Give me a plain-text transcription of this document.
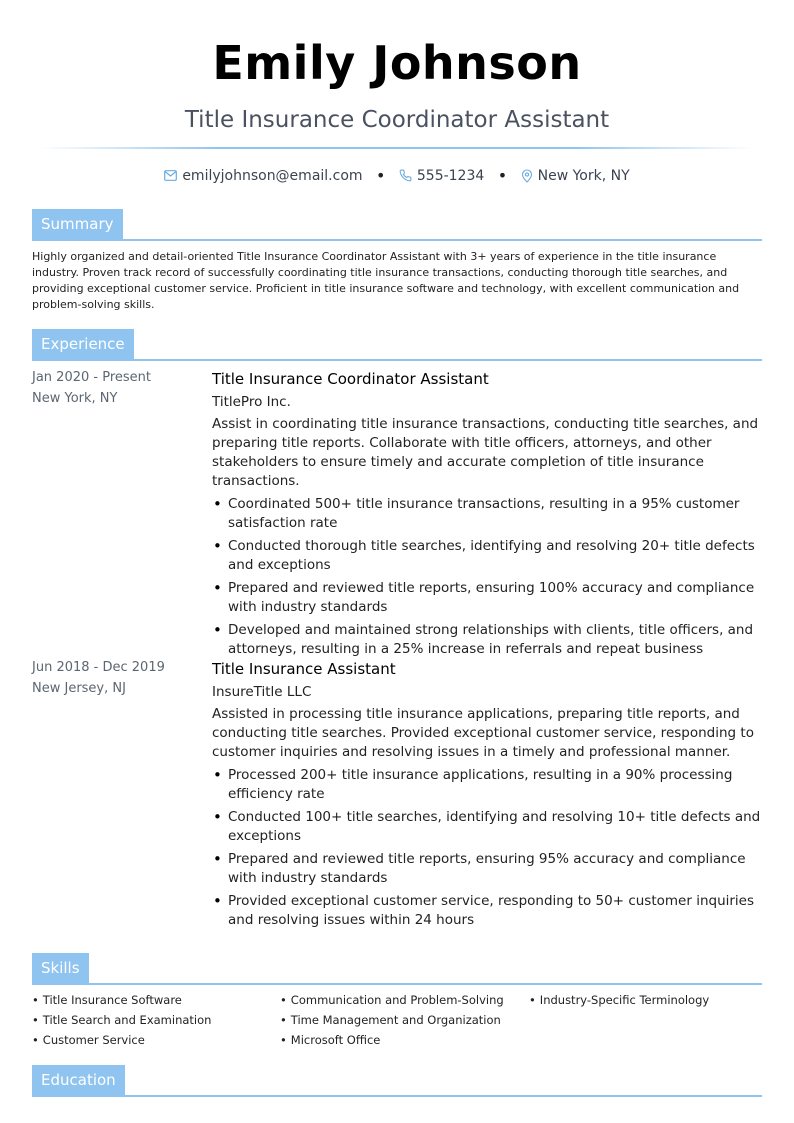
Emily Johnson
Title Insurance Coordinator Assistant
emilyjohnson@email.com • 555-1234 • New York, NY
Summary
Highly organized and detail-oriented Title Insurance Coordinator Assistant with 3+ years of experience in the title insurance industry. Proven track record of successfully coordinating title insurance transactions, conducting thorough title searches, and providing exceptional customer service. Proficient in title insurance software and technology, with excellent communication and problem-solving skills.
Experience
Jan 2020 - Present
New York, NY
Title Insurance Coordinator Assistant
TitlePro Inc.
Assist in coordinating title insurance transactions, conducting title searches, and preparing title reports. Collaborate with title officers, attorneys, and other stakeholders to ensure timely and accurate completion of title insurance transactions.
• Coordinated 500+ title insurance transactions, resulting in a 95% customer satisfaction rate
• Conducted thorough title searches, identifying and resolving 20+ title defects and exceptions
• Prepared and reviewed title reports, ensuring 100% accuracy and compliance with industry standards
• Developed and maintained strong relationships with clients, title officers, and attorneys, resulting in a 25% increase in referrals and repeat business
Jun 2018 - Dec 2019
New Jersey, NJ
Title Insurance Assistant
InsureTitle LLC
Assisted in processing title insurance applications, preparing title reports, and conducting title searches. Provided exceptional customer service, responding to customer inquiries and resolving issues in a timely and professional manner.
• Processed 200+ title insurance applications, resulting in a 90% processing efficiency rate
• Conducted 100+ title searches, identifying and resolving 10+ title defects and exceptions
• Prepared and reviewed title reports, ensuring 95% accuracy and compliance with industry standards
• Provided exceptional customer service, responding to 50+ customer inquiries and resolving issues within 24 hours
Skills
• Title Insurance Software
• Title Search and Examination
• Customer Service
• Communication and Problem-Solving
• Time Management and Organization
• Microsoft Office
• Industry-Specific Terminology
Education
